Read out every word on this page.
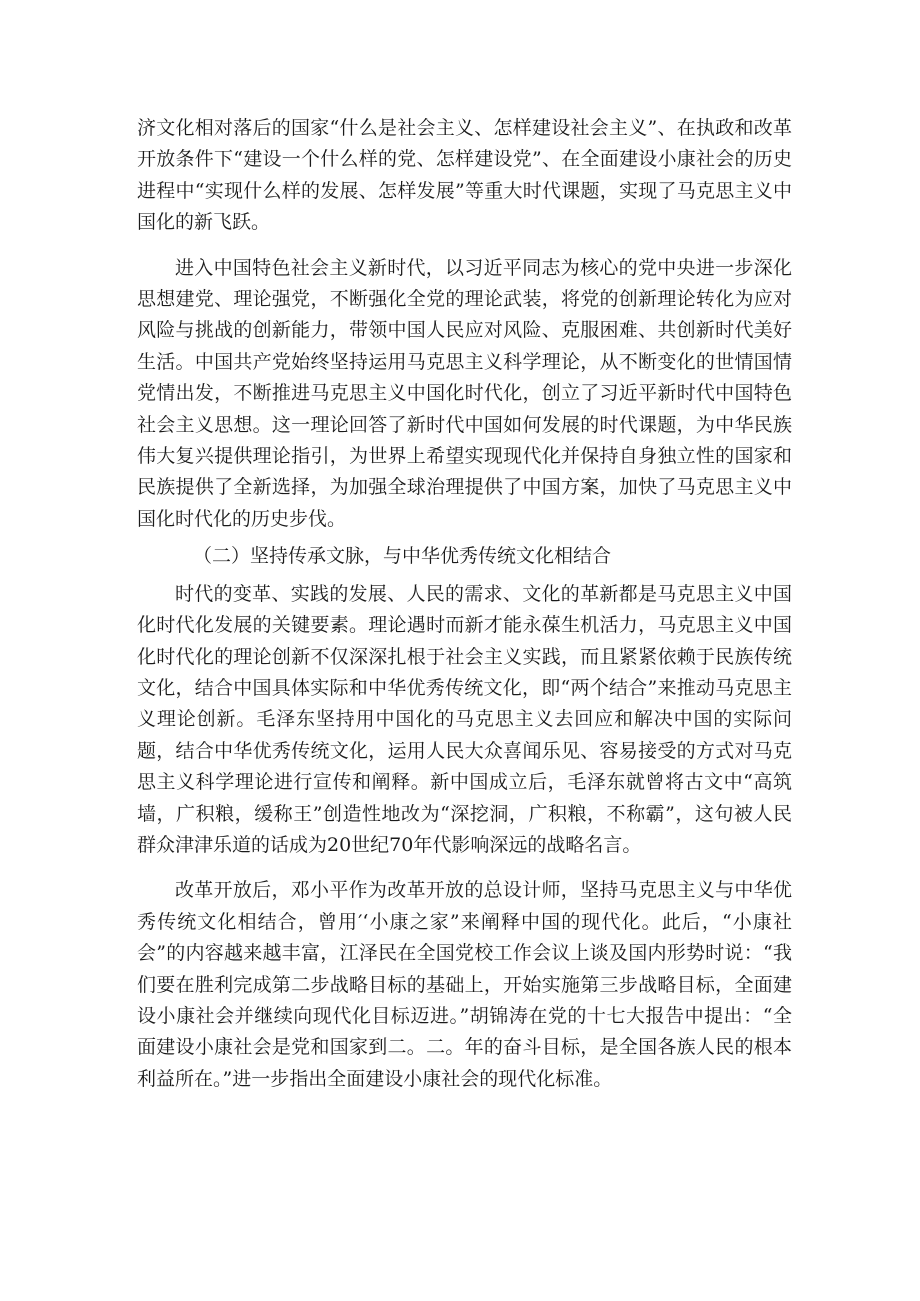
济文化相对落后的国家“什么是社会主义、怎样建设社会主义”、在执政和改革开放条件下“建设一个什么样的党、怎样建设党”、在全面建设小康社会的历史进程中“实现什么样的发展、怎样发展”等重大时代课题，实现了马克思主义中国化的新飞跃。

进入中国特色社会主义新时代，以习近平同志为核心的党中央进一步深化思想建党、理论强党，不断强化全党的理论武装，将党的创新理论转化为应对风险与挑战的创新能力，带领中国人民应对风险、克服困难、共创新时代美好生活。中国共产党始终坚持运用马克思主义科学理论，从不断变化的世情国情党情出发，不断推进马克思主义中国化时代化，创立了习近平新时代中国特色社会主义思想。这一理论回答了新时代中国如何发展的时代课题，为中华民族伟大复兴提供理论指引，为世界上希望实现现代化并保持自身独立性的国家和民族提供了全新选择，为加强全球治理提供了中国方案，加快了马克思主义中国化时代化的历史步伐。

（二）坚持传承文脉，与中华优秀传统文化相结合

时代的变革、实践的发展、人民的需求、文化的革新都是马克思主义中国化时代化发展的关键要素。理论遇时而新才能永葆生机活力，马克思主义中国化时代化的理论创新不仅深深扎根于社会主义实践，而且紧紧依赖于民族传统文化，结合中国具体实际和中华优秀传统文化，即“两个结合”来推动马克思主义理论创新。毛泽东坚持用中国化的马克思主义去回应和解决中国的实际问题，结合中华优秀传统文化，运用人民大众喜闻乐见、容易接受的方式对马克思主义科学理论进行宣传和阐释。新中国成立后，毛泽东就曾将古文中“高筑墙，广积粮，缓称王”创造性地改为“深挖洞，广积粮，不称霸”，这句被人民群众津津乐道的话成为20世纪70年代影响深远的战略名言。

改革开放后，邓小平作为改革开放的总设计师，坚持马克思主义与中华优秀传统文化相结合，曾用′‘小康之家”来阐释中国的现代化。此后，“小康社会”的内容越来越丰富，江泽民在全国党校工作会议上谈及国内形势时说：“我们要在胜利完成第二步战略目标的基础上，开始实施第三步战略目标，全面建设小康社会并继续向现代化目标迈进。”胡锦涛在党的十七大报告中提出：“全面建设小康社会是党和国家到二。二。年的奋斗目标，是全国各族人民的根本利益所在。”进一步指出全面建设小康社会的现代化标准。
